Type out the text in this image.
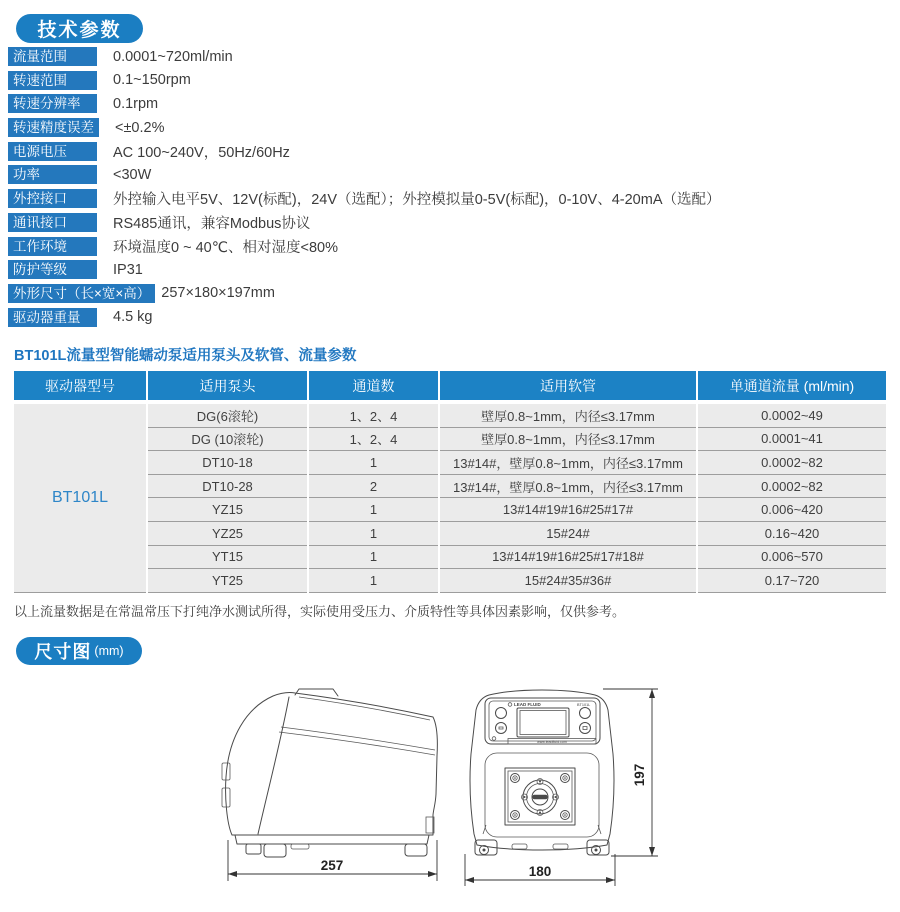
技术参数
流量范围	0.0001~720ml/min
转速范围	0.1~150rpm
转速分辨率	0.1rpm
转速精度误差	<±0.2%
电源电压	AC 100~240V，50Hz/60Hz
功率	<30W
外控接口	外控输入电平5V、12V(标配)，24V（选配）；外控模拟量0-5V(标配)，0-10V、4-20mA（选配）
通讯接口	RS485通讯，兼容Modbus协议
工作环境	环境温度0 ~ 40℃、相对湿度<80%
防护等级	IP31
外形尺寸（长×宽×高） 257×180×197mm
驱动器重量	4.5 kg
BT101L流量型智能蠕动泵适用泵头及软管、流量参数
驱动器型号	适用泵头	通道数	适用软管	单通道流量 (ml/min)
BT101L
DG(6滚轮)	1、2、4	壁厚0.8~1mm，内径≤3.17mm	0.0002~49
DG (10滚轮)	1、2、4	壁厚0.8~1mm，内径≤3.17mm	0.0001~41
DT10-18	1	13#14#，壁厚0.8~1mm，内径≤3.17mm	0.0002~82
DT10-28	2	13#14#，壁厚0.8~1mm，内径≤3.17mm	0.0002~82
YZ15	1	13#14#19#16#25#17#	0.006~420
YZ25	1	15#24#	0.16~420
YT15	1	13#14#19#16#25#17#18#	0.006~570
YT25	1	15#24#35#36#	0.17~720
以上流量数据是在常温常压下打纯净水测试所得，实际使用受压力、介质特性等具体因素影响，仅供参考。
尺寸图 (mm)
257
LEAD FLUID	BT101L
www.leadfluid.com
180
197
